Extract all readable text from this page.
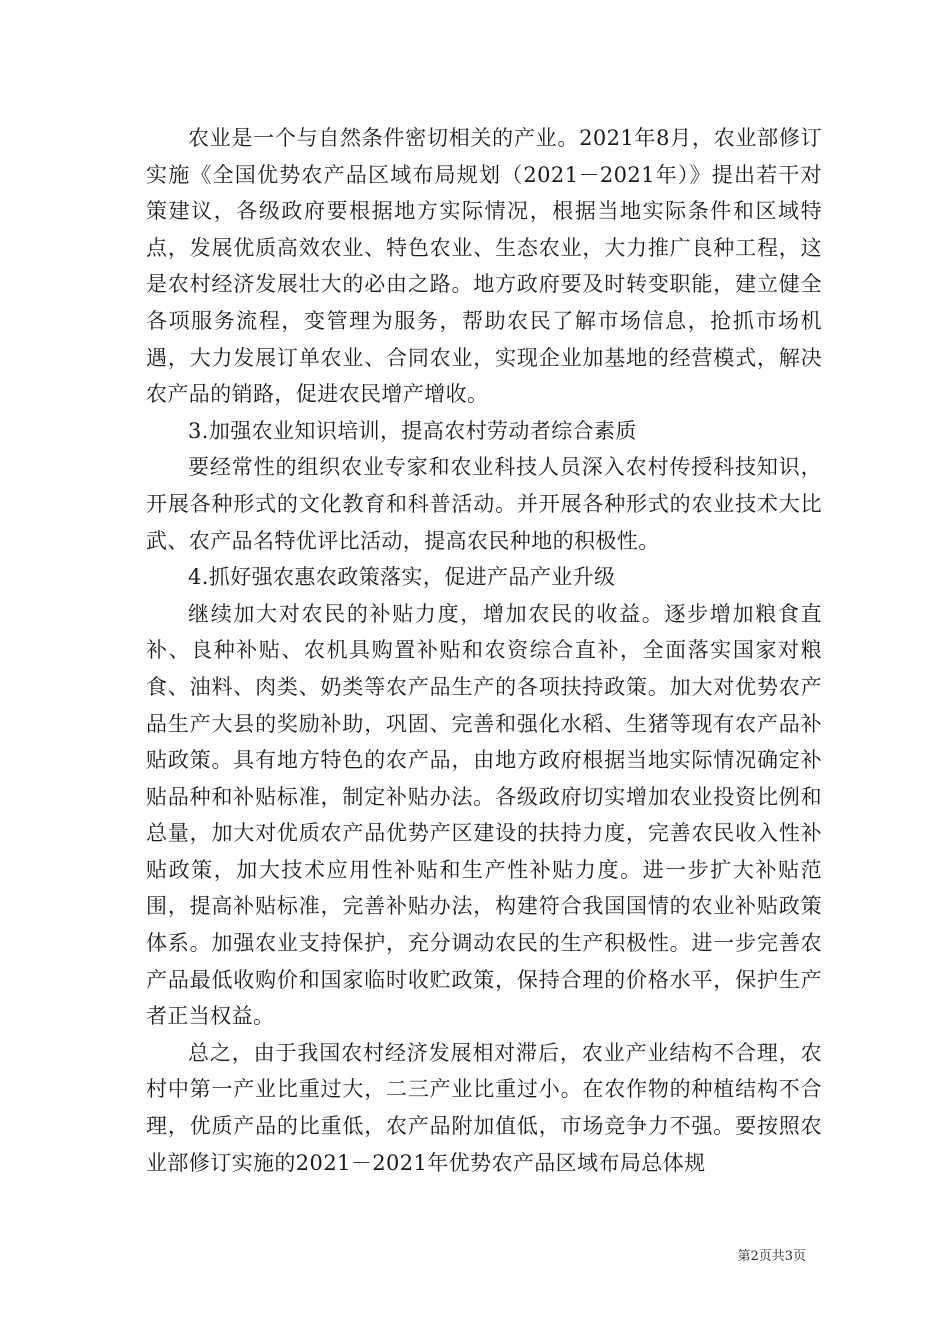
农业是一个与自然条件密切相关的产业。2021年8月，农业部修订实施《全国优势农产品区域布局规划（2021－2021年）》提出若干对策建议，各级政府要根据地方实际情况，根据当地实际条件和区域特点，发展优质高效农业、特色农业、生态农业，大力推广良种工程，这是农村经济发展壮大的必由之路。地方政府要及时转变职能，建立健全各项服务流程，变管理为服务，帮助农民了解市场信息，抢抓市场机遇，大力发展订单农业、合同农业，实现企业加基地的经营模式，解决农产品的销路，促进农民增产增收。

3.加强农业知识培训，提高农村劳动者综合素质

要经常性的组织农业专家和农业科技人员深入农村传授科技知识，开展各种形式的文化教育和科普活动。并开展各种形式的农业技术大比武、农产品名特优评比活动，提高农民种地的积极性。

4.抓好强农惠农政策落实，促进产品产业升级

继续加大对农民的补贴力度，增加农民的收益。逐步增加粮食直补、良种补贴、农机具购置补贴和农资综合直补，全面落实国家对粮食、油料、肉类、奶类等农产品生产的各项扶持政策。加大对优势农产品生产大县的奖励补助，巩固、完善和强化水稻、生猪等现有农产品补贴政策。具有地方特色的农产品，由地方政府根据当地实际情况确定补贴品种和补贴标准，制定补贴办法。各级政府切实增加农业投资比例和总量，加大对优质农产品优势产区建设的扶持力度，完善农民收入性补贴政策，加大技术应用性补贴和生产性补贴力度。进一步扩大补贴范围，提高补贴标准，完善补贴办法，构建符合我国国情的农业补贴政策体系。加强农业支持保护，充分调动农民的生产积极性。进一步完善农产品最低收购价和国家临时收贮政策，保持合理的价格水平，保护生产者正当权益。

总之，由于我国农村经济发展相对滞后，农业产业结构不合理，农村中第一产业比重过大，二三产业比重过小。在农作物的种植结构不合理，优质产品的比重低，农产品附加值低，市场竞争力不强。要按照农业部修订实施的2021－2021年优势农产品区域布局总体规

第2页共3页
